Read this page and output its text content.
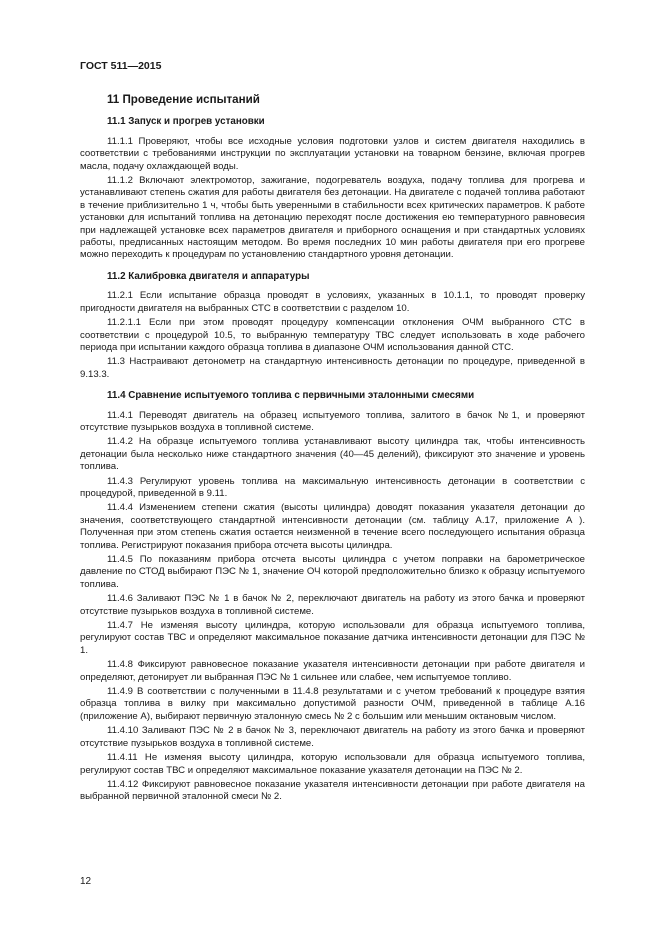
ГОСТ 511—2015
11 Проведение испытаний
11.1 Запуск и прогрев установки

11.1.1 Проверяют, чтобы все исходные условия подготовки узлов и систем двигателя находились в соответствии с требованиями инструкции по эксплуатации установки на товарном бензине, включая прогрев масла, подачу охлаждающей воды.

11.1.2 Включают электромотор, зажигание, подогреватель воздуха, подачу топлива для прогрева и устанавливают степень сжатия для работы двигателя без детонации. На двигателе с подачей топлива работают в течение приблизительно 1 ч, чтобы быть уверенными в стабильности всех критических параметров. К работе установки для испытаний топлива на детонацию переходят после достижения ею температурного равновесия при надлежащей установке всех параметров двигателя и приборного оснащения и при стандартных условиях работы, предписанных настоящим методом. Во время последних 10 мин работы двигателя при его прогреве можно переходить к процедурам по установлению стандартного уровня детонации.

11.2 Калибровка двигателя и аппаратуры

11.2.1 Если испытание образца проводят в условиях, указанных в 10.1.1, то проводят проверку пригодности двигателя на выбранных СТС в соответствии с разделом 10.

11.2.1.1 Если при этом проводят процедуру компенсации отклонения ОЧМ выбранного СТС в соответствии с процедурой 10.5, то выбранную температуру ТВС следует использовать в ходе рабочего периода при испытании каждого образца топлива в диапазоне ОЧМ использования данной СТС.

11.3 Настраивают детонометр на стандартную интенсивность детонации по процедуре, приведенной в 9.13.3.

11.4 Сравнение испытуемого топлива с первичными эталонными смесями

11.4.1 Переводят двигатель на образец испытуемого топлива, залитого в бачок №1, и проверяют отсутствие пузырьков воздуха в топливной системе.

11.4.2 На образце испытуемого топлива устанавливают высоту цилиндра так, чтобы интенсивность детонации была несколько ниже стандартного значения (40—45 делений), фиксируют это значение и уровень топлива.

11.4.3 Регулируют уровень топлива на максимальную интенсивность детонации в соответствии с процедурой, приведенной в 9.11.

11.4.4 Изменением степени сжатия (высоты цилиндра) доводят показания указателя детонации до значения, соответствующего стандартной интенсивности детонации (см. таблицу А.17, приложение А ). Полученная при этом степень сжатия остается неизменной в течение всего последующего испытания образца топлива. Регистрируют показания прибора отсчета высоты цилиндра.

11.4.5 По показаниям прибора отсчета высоты цилиндра с учетом поправки на барометрическое давление по СТОД выбирают ПЭС № 1, значение ОЧ которой предположительно близко к образцу испытуемого топлива.

11.4.6 Заливают ПЭС № 1 в бачок № 2, переключают двигатель на работу из этого бачка и проверяют отсутствие пузырьков воздуха в топливной системе.

11.4.7 Не изменяя высоту цилиндра, которую использовали для образца испытуемого топлива, регулируют состав ТВС и определяют максимальное показание датчика интенсивности детонации для ПЭС № 1.

11.4.8 Фиксируют равновесное показание указателя интенсивности детонации при работе двигателя и определяют, детонирует ли выбранная ПЭС № 1 сильнее или слабее, чем испытуемое топливо.

11.4.9 В соответствии с полученными в 11.4.8 результатами и с учетом требований к процедуре взятия образца топлива в вилку при максимально допустимой разности ОЧМ, приведенной в таблице А.16 (приложение А), выбирают первичную эталонную смесь № 2 с большим или меньшим октановым числом.

11.4.10 Заливают ПЭС № 2 в бачок № 3, переключают двигатель на работу из этого бачка и проверяют отсутствие пузырьков воздуха в топливной системе.

11.4.11 Не изменяя высоту цилиндра, которую использовали для образца испытуемого топлива, регулируют состав ТВС и определяют максимальное показание указателя детонации на ПЭС № 2.

11.4.12 Фиксируют равновесное показание указателя интенсивности детонации при работе двигателя на выбранной первичной эталонной смеси № 2.

12
